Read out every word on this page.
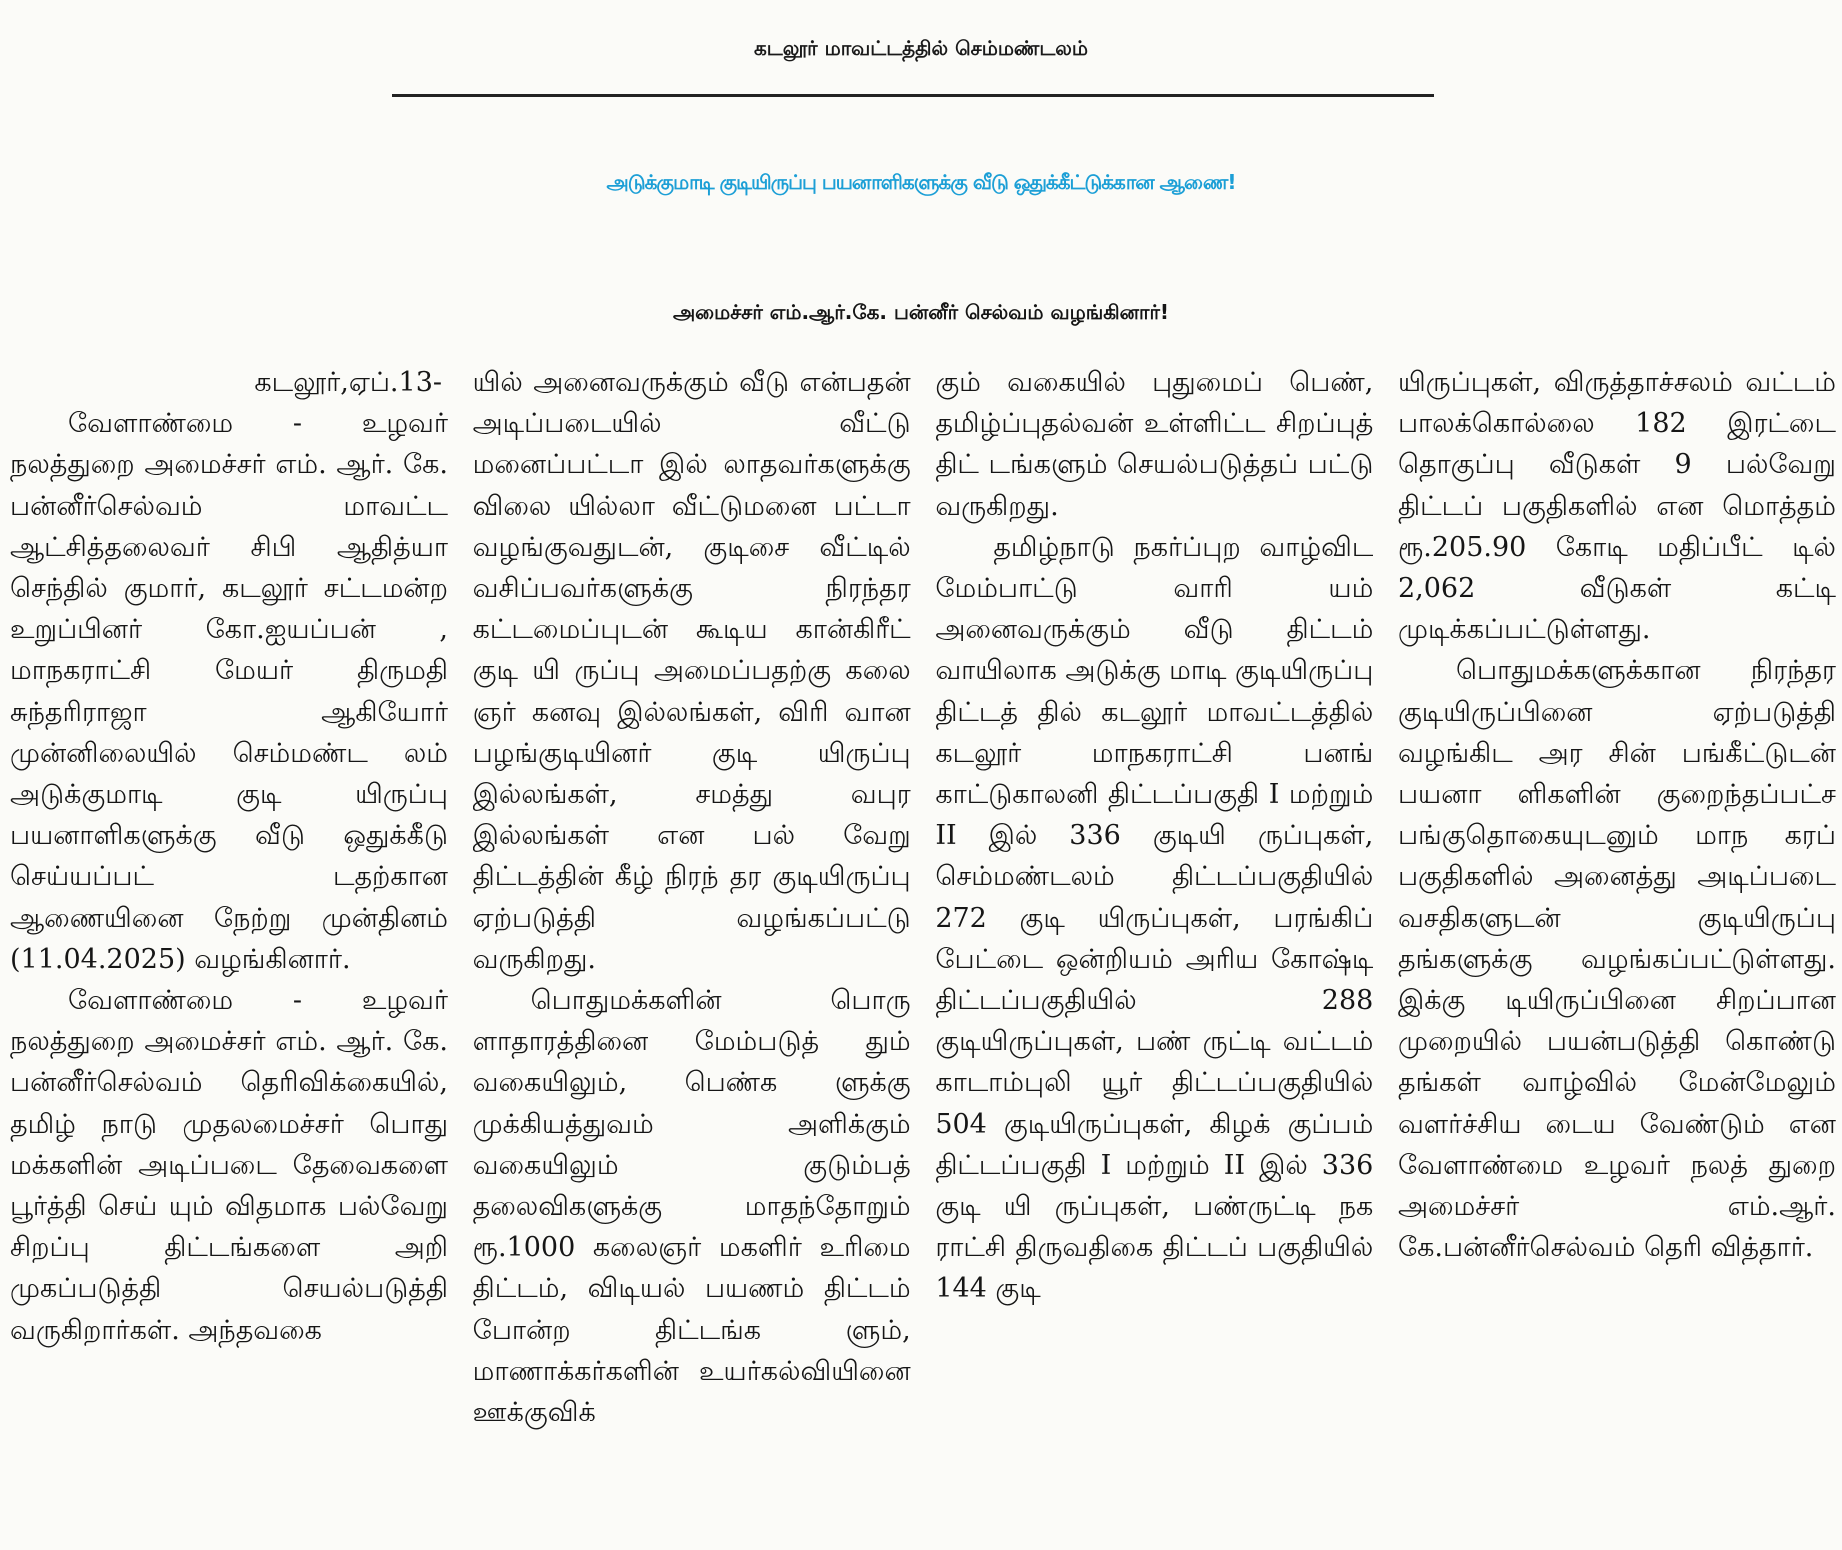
கடலூர் மாவட்டத்தில் செம்மண்டலம்
அடுக்குமாடி குடியிருப்பு பயனாளிகளுக்கு வீடு ஒதுக்கீட்டுக்கான ஆணை!
அமைச்சர் எம்.ஆர்.கே. பன்னீர் செல்வம் வழங்கினார்!

கடலூர்,ஏப்.13-

வேளாண்மை - உழவர் நலத்துறை அமைச்சர் எம். ஆர். கே. பன்னீர்செல்வம் மாவட்ட ஆட்சித்தலைவர் சிபி ஆதித்யா செந்தில் குமார், கடலூர் சட்டமன்ற உறுப்பினர் கோ.ஐயப்பன் , மாநகராட்சி மேயர் திருமதி சுந்தரிராஜா ஆகியோர் முன்னிலையில் செம்மண்ட லம் அடுக்குமாடி குடி யிருப்பு பயனாளிகளுக்கு வீடு ஒதுக்கீடு செய்யப்பட் டதற்கான ஆணையினை நேற்று முன்தினம் (11.04.2025) வழங்கினார்.

வேளாண்மை - உழவர் நலத்துறை அமைச்சர் எம். ஆர். கே. பன்னீர்செல்வம் தெரிவிக்கையில், தமிழ் நாடு முதலமைச்சர் பொது மக்களின் அடிப்படை தேவைகளை பூர்த்தி செய் யும் விதமாக பல்வேறு சிறப்பு திட்டங்களை அறி முகப்படுத்தி செயல்படுத்தி வருகிறார்கள். அந்தவகை

யில் அனைவருக்கும் வீடு என்பதன் அடிப்படையில் வீட்டு மனைப்பட்டா இல் லாதவர்களுக்கு விலை யில்லா வீட்டுமனை பட்டா வழங்குவதுடன், குடிசை வீட்டில் வசிப்பவர்களுக்கு நிரந்தர கட்டமைப்புடன் கூடிய கான்கிரீட் குடி யி ருப்பு அமைப்பதற்கு கலை ஞர் கனவு இல்லங்கள், விரி வான பழங்குடியினர் குடி யிருப்பு இல்லங்கள், சமத்து வபுர இல்லங்கள் என பல் வேறு திட்டத்தின் கீழ் நிரந் தர குடியிருப்பு ஏற்படுத்தி வழங்கப்பட்டு வருகிறது.

பொதுமக்களின் பொரு ளாதாரத்தினை மேம்படுத் தும் வகையிலும், பெண்க ளுக்கு முக்கியத்துவம் அளிக்கும் வகையிலும் குடும்பத் தலைவிகளுக்கு மாதந்தோறும் ரூ.1000 கலைஞர் மகளிர் உரிமை திட்டம், விடியல் பயணம் திட்டம் போன்ற திட்டங்க ளும், மாணாக்கர்களின் உயர்கல்வியினை ஊக்குவிக்

கும் வகையில் புதுமைப் பெண், தமிழ்ப்புதல்வன் உள்ளிட்ட சிறப்புத் திட் டங்களும் செயல்படுத்தப் பட்டு வருகிறது.

தமிழ்நாடு நகர்ப்புற வாழ்விட மேம்பாட்டு வாரி யம் அனைவருக்கும் வீடு திட்டம் வாயிலாக அடுக்கு மாடி குடியிருப்பு திட்டத் தில் கடலூர் மாவட்டத்தில் கடலூர் மாநகராட்சி பனங் காட்டுகாலனி திட்டப்பகுதி I மற்றும் II இல் 336 குடியி ருப்புகள், செம்மண்டலம் திட்டப்பகுதியில் 272 குடி யிருப்புகள், பரங்கிப் பேட்டை ஒன்றியம் அரிய கோஷ்டி திட்டப்பகுதியில் 288 குடியிருப்புகள், பண் ருட்டி வட்டம் காடாம்புலி யூர் திட்டப்பகுதியில் 504 குடியிருப்புகள், கிழக் குப்பம் திட்டப்பகுதி I மற்றும் II இல் 336 குடி யி ருப்புகள், பண்ருட்டி நக ராட்சி திருவதிகை திட்டப் பகுதியில் 144 குடி

யிருப்புகள், விருத்தாச்சலம் வட்டம் பாலக்கொல்லை 182 இரட்டை தொகுப்பு வீடுகள் 9 பல்வேறு திட்டப் பகுதிகளில் என மொத்தம் ரூ.205.90 கோடி மதிப்பீட் டில் 2,062 வீடுகள் கட்டி முடிக்கப்பட்டுள்ளது.

பொதுமக்களுக்கான நிரந்தர குடியிருப்பினை ஏற்படுத்தி வழங்கிட அர சின் பங்கீட்டுடன் பயனா ளிகளின் குறைந்தப்பட்ச பங்குதொகையுடனும் மாந கரப் பகுதிகளில் அனைத்து அடிப்படை வசதிகளுடன் குடியிருப்பு தங்களுக்கு வழங்கப்பட்டுள்ளது. இக்கு டியிருப்பினை சிறப்பான முறையில் பயன்படுத்தி கொண்டு தங்கள் வாழ்வில் மேன்மேலும் வளர்ச்சிய டைய வேண்டும் என வேளாண்மை உழவர் நலத் துறை அமைச்சர் எம்.ஆர். கே.பன்னீர்செல்வம் தெரி வித்தார்.
